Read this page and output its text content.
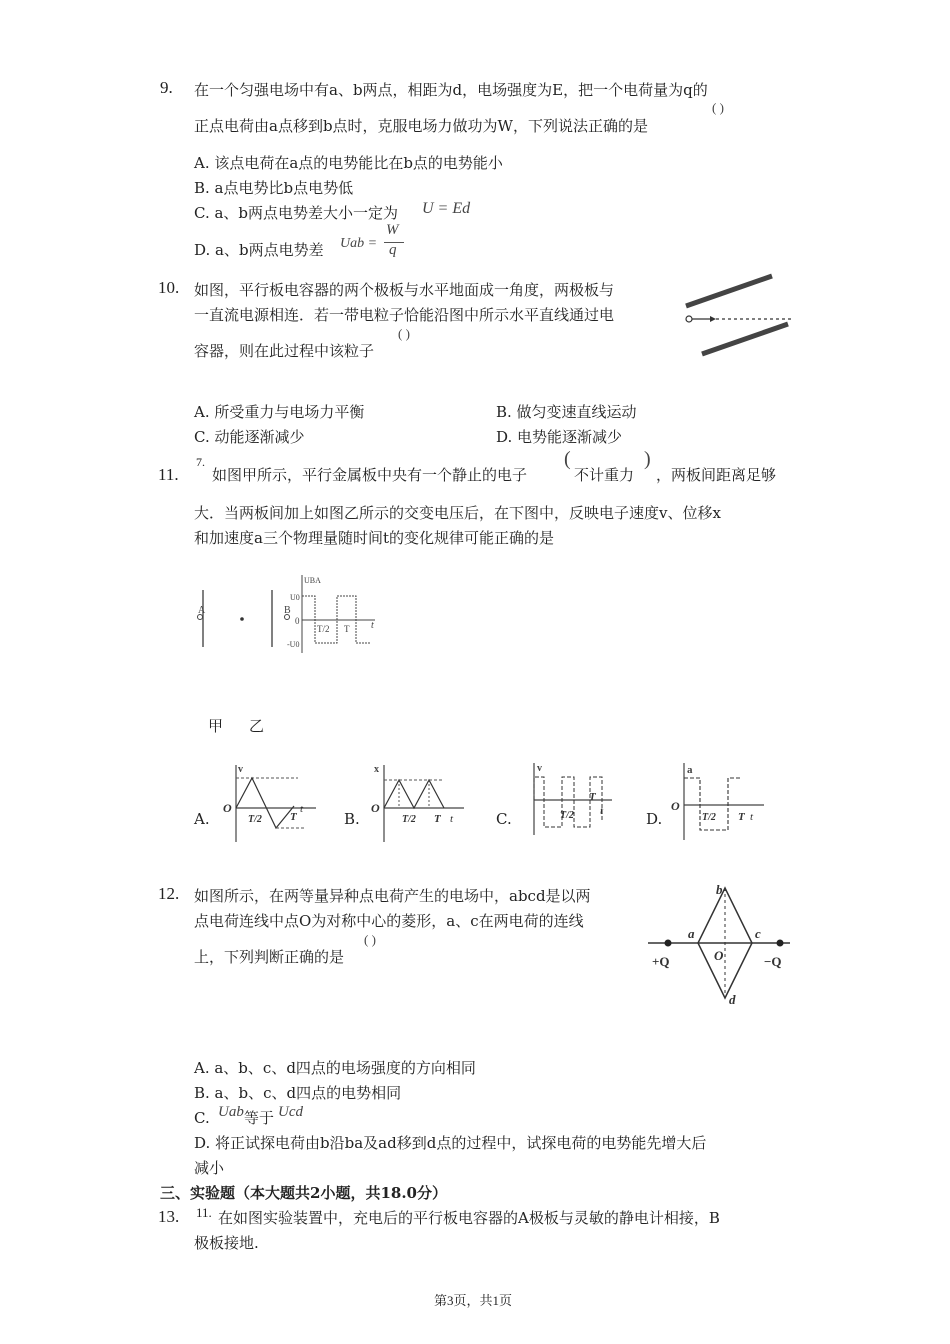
9. 在一个匀强电场中有a、b两点，相距为d，电场强度为E，把一个电荷量为q的
正点电荷由a点移到b点时，克服电场力做功为W，下列说法正确的是
( )
A. 该点电荷在a点的电势能比在b点的电势能小
B. a点电势比b点电势低
C. a、b两点电势差大小一定为 U = Ed
D. a、b两点电势差 Uab =
W
q
10. 如图，平行板电容器的两个极板与水平地面成一角度，两极板与
一直流电源相连．若一带电粒子恰能沿图中所示水平直线通过电
容器，则在此过程中该粒子
( )
A. 所受重力与电场力平衡	B. 做匀变速直线运动
C. 动能逐渐减少	D. 电势能逐渐减少
11.
7.
如图甲所示，平行金属板中央有一个静止的电子
(
不计重力
)
，两板间距离足够
大．当两板间加上如图乙所示的交变电压后，在下图中，反映电子速度v、位移x
和加速度a三个物理量随时间t的变化规律可能正确的是
A	B
UBA
U0
0
-U0
T/2 T t
甲 乙
A.
v
O
T/2	T
t
B.
x
O
T/2 T t	C.
v
T/2
T
t	D.
a
O
T/2 T t
12. 如图所示，在两等量异种点电荷产生的电场中，abcd是以两
点电荷连线中点O为对称中心的菱形，a、c在两电荷的连线
上，下列判断正确的是
( )
b
a	c
d
O
+Q	−Q
A. a、b、c、d四点的电场强度的方向相同
B. a、b、c、d四点的电势相同
C. Uab 等于 Ucd
D. 将正试探电荷由b沿ba及ad移到d点的过程中，试探电荷的电势能先增大后
减小
三、实验题（本大题共2小题，共18.0分）
13. 11. 在如图实验装置中，充电后的平行板电容器的A极板与灵敏的静电计相接，B
极板接地.
第3页，共1页
